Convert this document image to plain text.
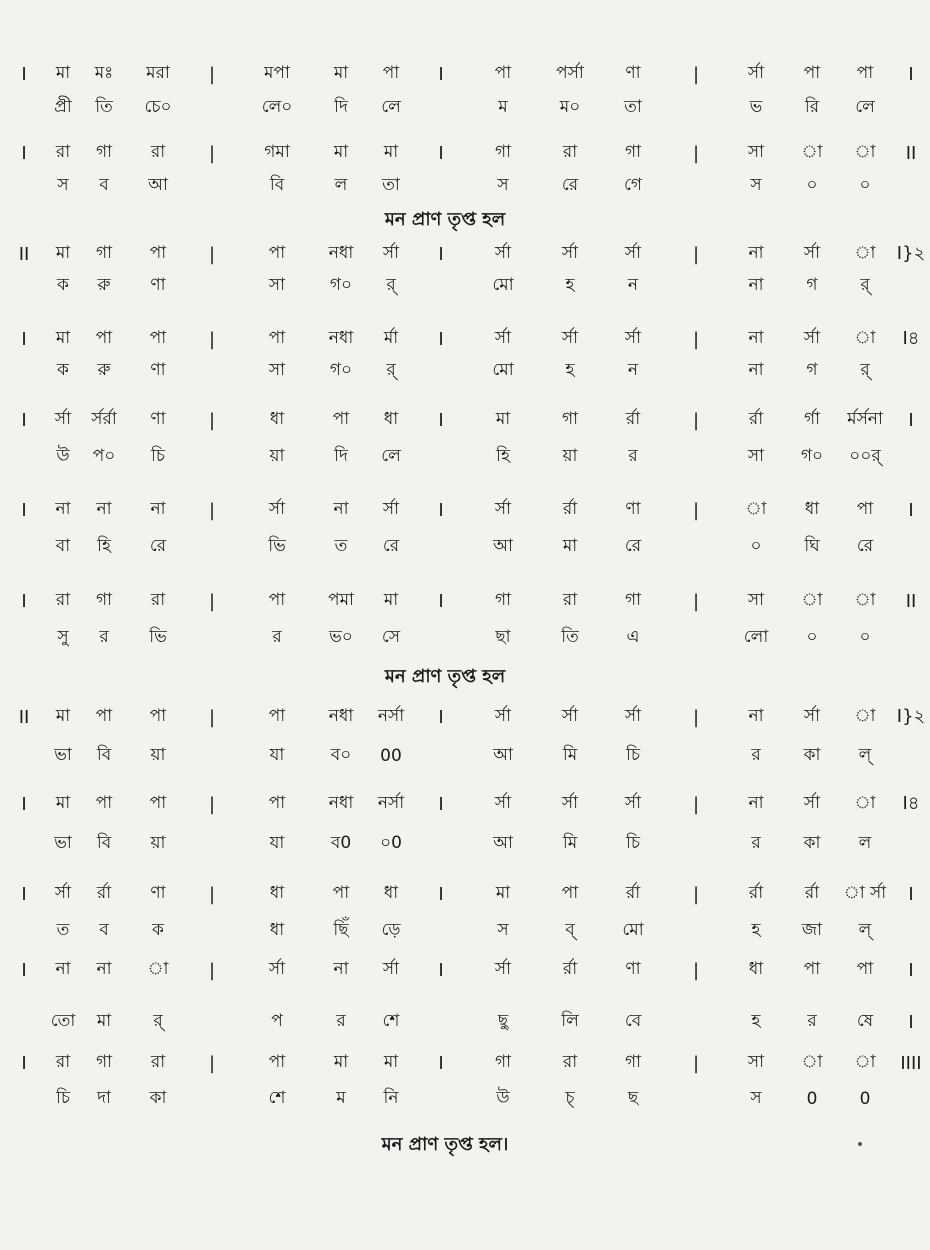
I	মা	মঃ	মরা	|	মপা	মা	পা	I	পা	পর্সা	ণা	|	র্সা	পা	পা	I
প্রী	তি	চে০	লে০	দি	লে	ম	ম০	তা	ভ	রি	লে
I	রা	গা	রা	|	গমা	মা	মা	I	গা	রা	গা	|	সা	া	া	II
স	ব	আ	বি	ল	তা	স	রে	গে	স	০	০
মন প্রাণ তৃপ্ত হল
II	মা	গা	পা	|	পা	নধা	র্সা	I	র্সা	র্সা	র্সা	|	না	র্সা	া	I}২
ক	রু	ণা	সা	গ০	র্	মো	হ	ন	না	গ	র্
I	মা	পা	পা	|	পা	নধা	র্মা	I	র্সা	র্সা	র্সা	|	না	র্সা	া	I৪
ক	রু	ণা	সা	গ০	র্	মো	হ	ন	না	গ	র্
I	র্সা	র্সর্রা	ণা	|	ধা	পা	ধা	I	মা	গা	র্রা	|	র্রা	র্গা	র্মর্সনা	I
উ	প০	চি	য়া	দি	লে	হি	য়া	র	সা	গ০	০০র্
I	না	না	না	|	র্সা	না	র্সা	I	র্সা	র্রা	ণা	|	া	ধা	পা	I
বা	হি	রে	ভি	ত	রে	আ	মা	রে	০	ঘি	রে
I	রা	গা	রা	|	পা	পমা	মা	I	গা	রা	গা	|	সা	া	া	II
সু	র	ভি	র	ভ০	সে	ছা	তি	এ	লো	০	০
মন প্রাণ তৃপ্ত হল
II	মা	পা	পা	|	পা	নধা	নর্সা	I	র্সা	র্সা	র্সা	|	না	র্সা	া	I}২
ভা	বি	য়া	যা	ব০	00	আ	মি	চি	র	কা	ল্
I	মা	পা	পা	|	পা	নধা	নর্সা	I	র্সা	র্সা	র্সা	|	না	র্সা	া	I৪
ভা	বি	য়া	যা	ব0	০0	আ	মি	চি	র	কা	ল
I	র্সা	র্রা	ণা	|	ধা	পা	ধা	I	মা	পা	র্রা	|	র্রা	র্রা	া র্সা	I
ত	ব	ক	ধা	ছিঁ	ড়ে	স	ব্	মো	হ	জা	ল্
I	না	না	া	|	র্সা	না	র্সা	I	র্সা	র্রা	ণা	|	ধা	পা	পা	I
তো	মা	র্	প	র	শে	ছু	লি	বে	হ	র	ষে	I
I	রা	গা	রা	|	পা	মা	মা	I	গা	রা	গা	|	সা	া	া	IIII
চি	দা	কা	শে	ম	নি	উ	চ্	ছ	স	0	0
মন প্রাণ তৃপ্ত হল।
